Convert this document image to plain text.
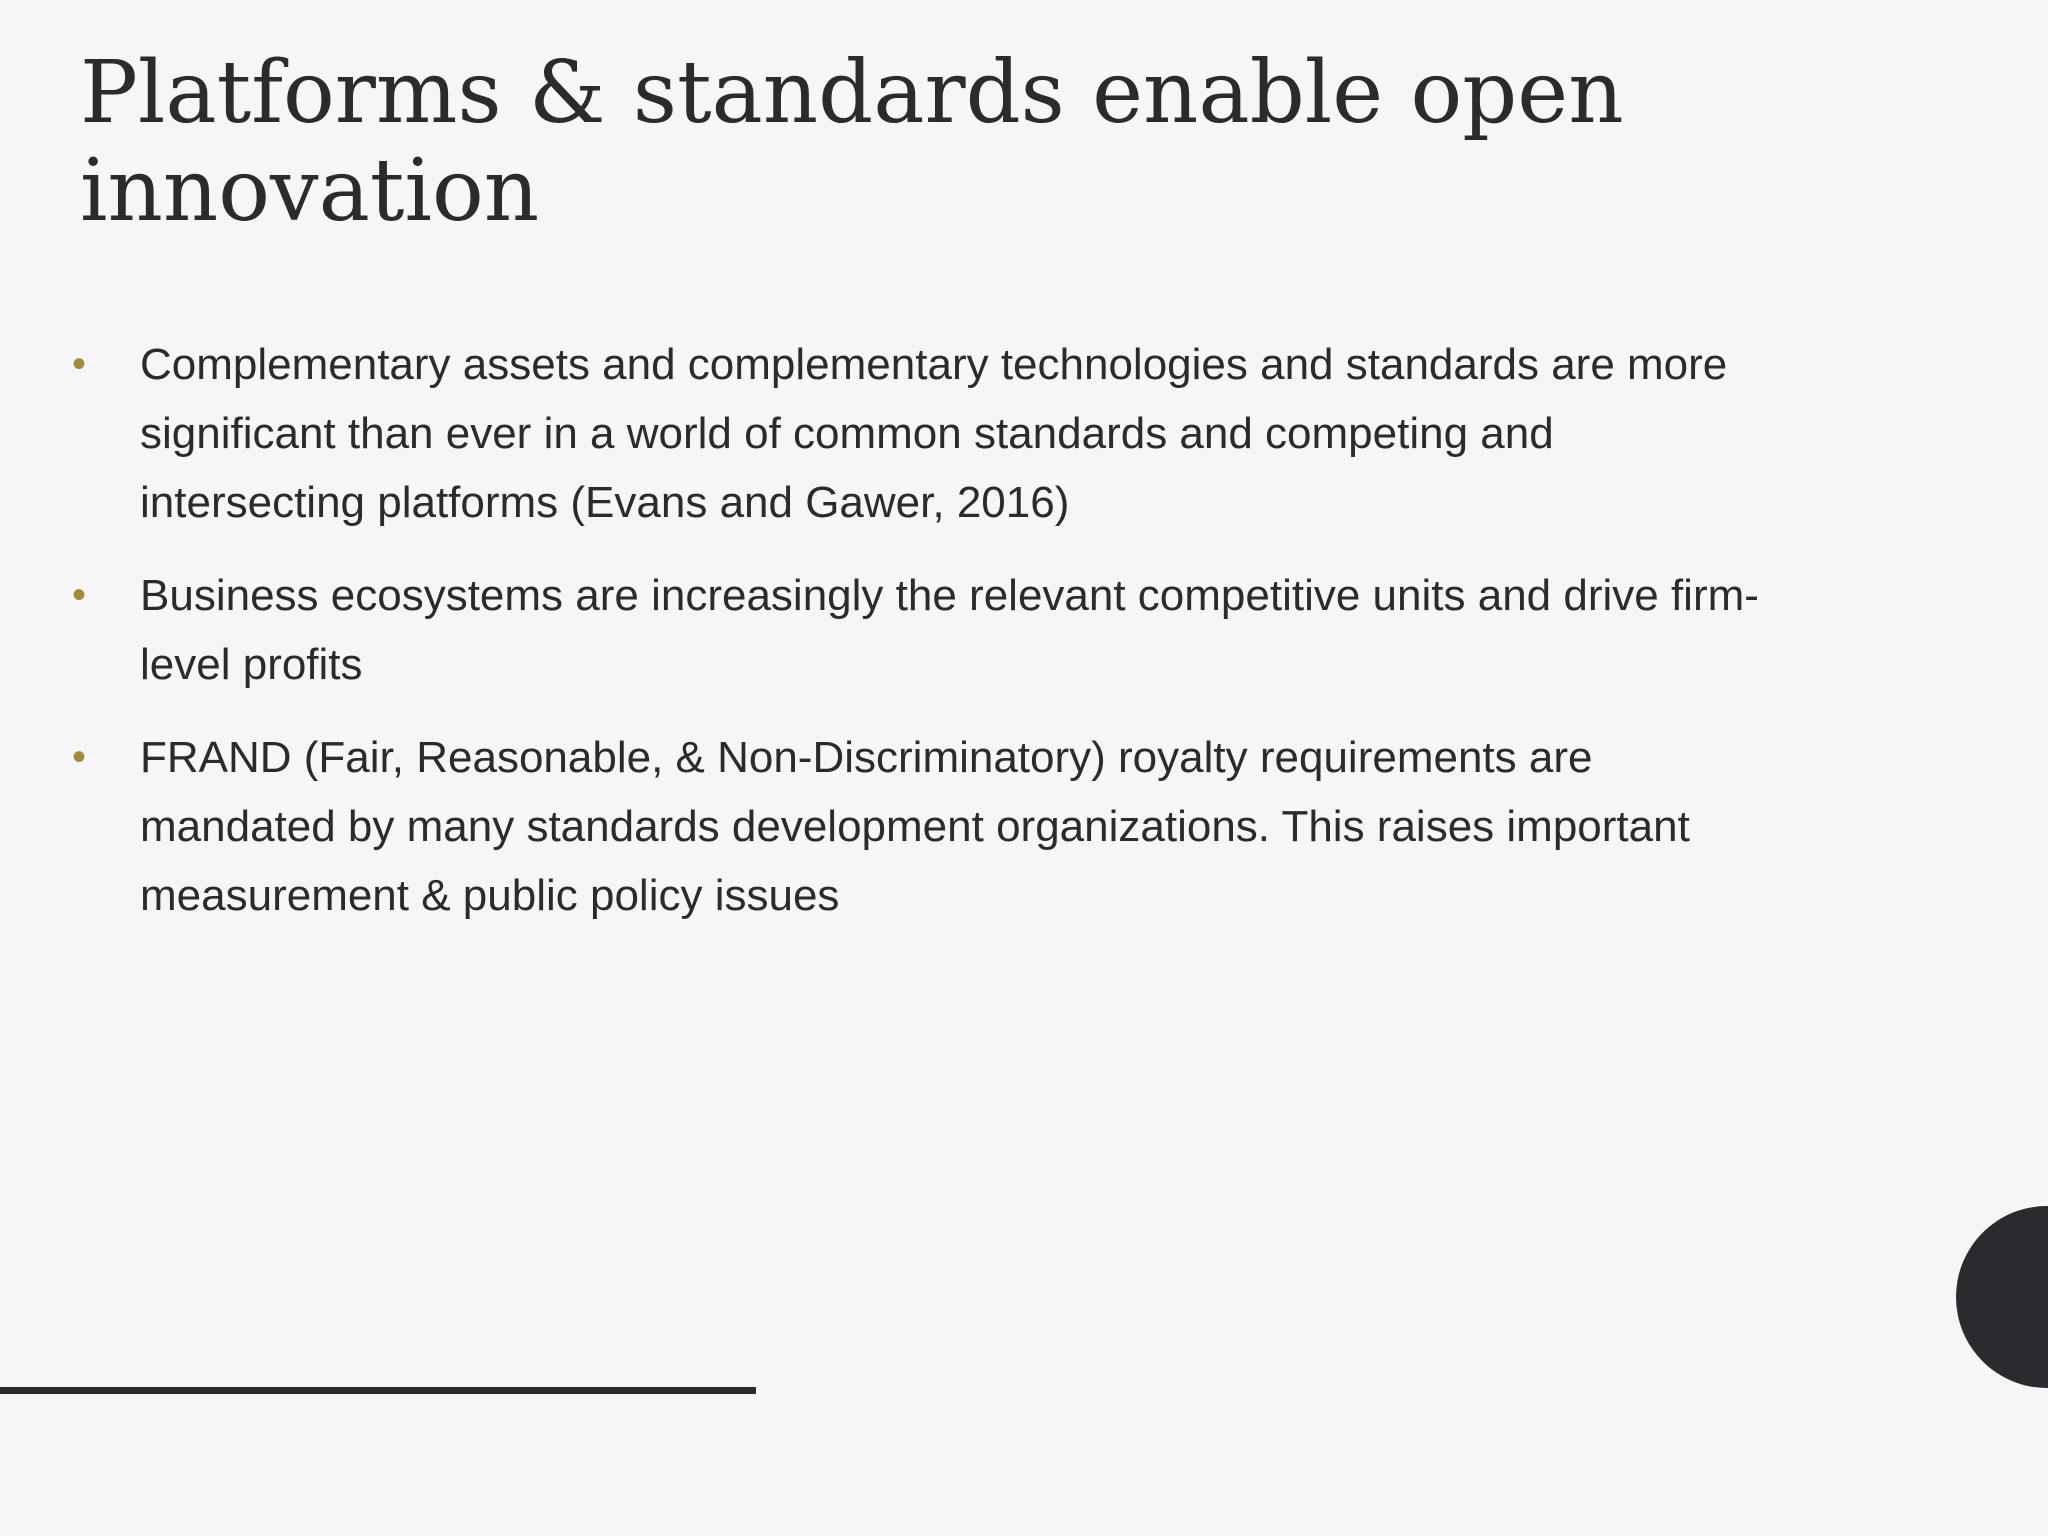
Platforms & standards enable open innovation
•	Complementary assets and complementary technologies and standards are more significant than ever in a world of common standards and competing and intersecting platforms (Evans and Gawer, 2016)
•	Business ecosystems are increasingly the relevant competitive units and drive firm-level profits
•	FRAND (Fair, Reasonable, & Non-Discriminatory) royalty requirements are mandated by many standards development organizations. This raises important measurement & public policy issues
